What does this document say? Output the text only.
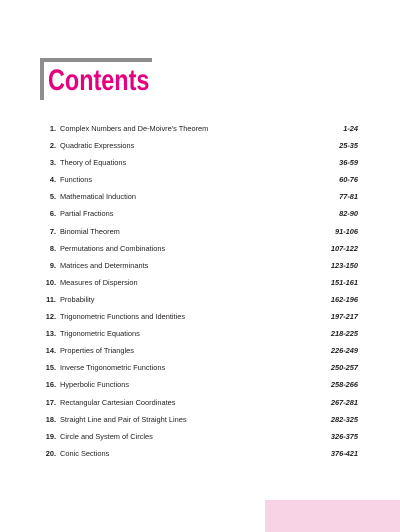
Contents
1. Complex Numbers and De-Moivre's Theorem	1-24
2. Quadratic Expressions	25-35
3. Theory of Equations	36-59
4. Functions	60-76
5. Mathematical Induction	77-81
6. Partial Fractions	82-90
7. Binomial Theorem	91-106
8. Permutations and Combinations	107-122
9. Matrices and Determinants	123-150
10. Measures of Dispersion	151-161
11. Probability	162-196
12. Trigonometric Functions and Identities	197-217
13. Trigonometric Equations	218-225
14. Properties of Triangles	226-249
15. Inverse Trigonometric Functions	250-257
16. Hyperbolic Functions	258-266
17. Rectangular Cartesian Coordinates	267-281
18. Straight Line and Pair of Straight Lines	282-325
19. Circle and System of Circles	326-375
20. Conic Sections	376-421
